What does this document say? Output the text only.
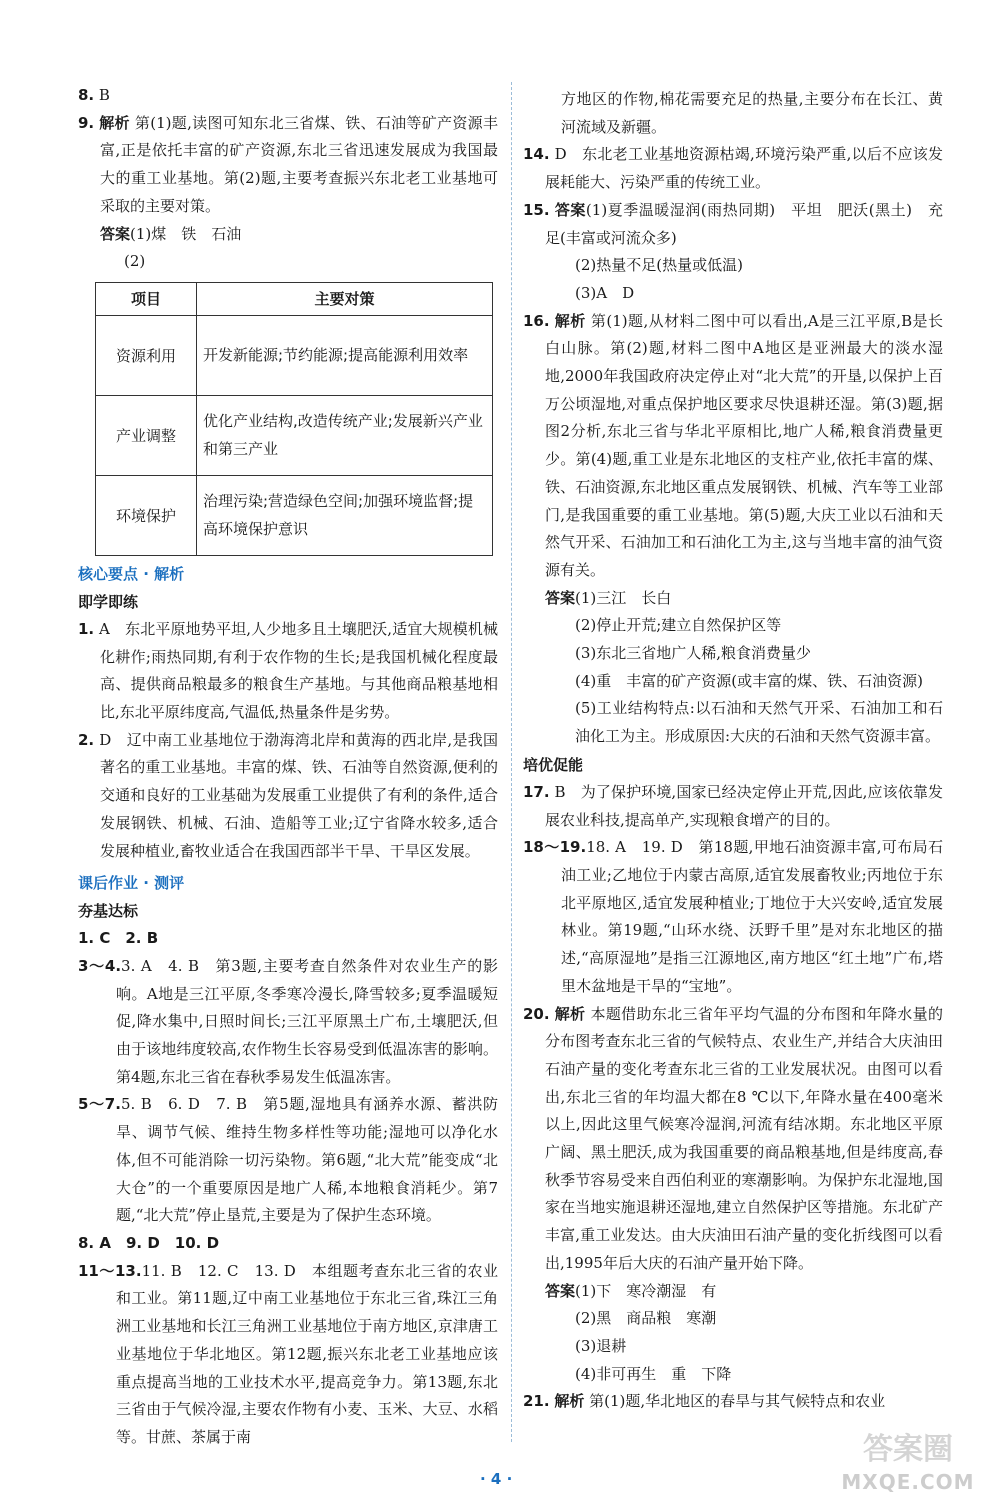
8. B

9. 解析 第(1)题,读图可知东北三省煤、铁、石油等矿产资源丰富,正是依托丰富的矿产资源,东北三省迅速发展成为我国最大的重工业基地。第(2)题,主要考查振兴东北老工业基地可采取的主要对策。

答案(1)煤　铁　石油

(2)

项目	主要对策
资源利用	开发新能源;节约能源;提高能源利用效率
产业调整	优化产业结构,改造传统产业;发展新兴产业和第三产业
环境保护	治理污染;营造绿色空间;加强环境监督;提高环境保护意识
核心要点 · 解析
即学即练

1. A　东北平原地势平坦,人少地多且土壤肥沃,适宜大规模机械化耕作;雨热同期,有利于农作物的生长;是我国机械化程度最高、提供商品粮最多的粮食生产基地。与其他商品粮基地相比,东北平原纬度高,气温低,热量条件是劣势。

2. D　辽中南工业基地位于渤海湾北岸和黄海的西北岸,是我国著名的重工业基地。丰富的煤、铁、石油等自然资源,便利的交通和良好的工业基础为发展重工业提供了有利的条件,适合发展钢铁、机械、石油、造船等工业;辽宁省降水较多,适合发展种植业,畜牧业适合在我国西部半干旱、干旱区发展。

课后作业 · 测评
夯基达标

1. C　2. B

3～4.3. A　4. B　第3题,主要考查自然条件对农业生产的影响。A地是三江平原,冬季寒冷漫长,降雪较多;夏季温暖短促,降水集中,日照时间长;三江平原黑土广布,土壤肥沃,但由于该地纬度较高,农作物生长容易受到低温冻害的影响。第4题,东北三省在春秋季易发生低温冻害。

5～7.5. B　6. D　7. B　第5题,湿地具有涵养水源、蓄洪防旱、调节气候、维持生物多样性等功能;湿地可以净化水体,但不可能消除一切污染物。第6题,“北大荒”能变成“北大仓”的一个重要原因是地广人稀,本地粮食消耗少。第7题,“北大荒”停止垦荒,主要是为了保护生态环境。

8. A　9. D　10. D

11～13.11. B　12. C　13. D　本组题考查东北三省的农业和工业。第11题,辽中南工业基地位于东北三省,珠江三角洲工业基地和长江三角洲工业基地位于南方地区,京津唐工业基地位于华北地区。第12题,振兴东北老工业基地应该重点提高当地的工业技术水平,提高竞争力。第13题,东北三省由于气候冷湿,主要农作物有小麦、玉米、大豆、水稻等。甘蔗、茶属于南

方地区的作物,棉花需要充足的热量,主要分布在长江、黄河流域及新疆。

14. D　东北老工业基地资源枯竭,环境污染严重,以后不应该发展耗能大、污染严重的传统工业。

15. 答案(1)夏季温暖湿润(雨热同期)　平坦　肥沃(黑土)　充足(丰富或河流众多)

(2)热量不足(热量或低温)

(3)A　D

16. 解析 第(1)题,从材料二图中可以看出,A是三江平原,B是长白山脉。第(2)题,材料二图中A地区是亚洲最大的淡水湿地,2000年我国政府决定停止对“北大荒”的开垦,以保护上百万公顷湿地,对重点保护地区要求尽快退耕还湿。第(3)题,据图2分析,东北三省与华北平原相比,地广人稀,粮食消费量更少。第(4)题,重工业是东北地区的支柱产业,依托丰富的煤、铁、石油资源,东北地区重点发展钢铁、机械、汽车等工业部门,是我国重要的重工业基地。第(5)题,大庆工业以石油和天然气开采、石油加工和石油化工为主,这与当地丰富的油气资源有关。

答案(1)三江　长白

(2)停止开荒;建立自然保护区等

(3)东北三省地广人稀,粮食消费量少

(4)重　丰富的矿产资源(或丰富的煤、铁、石油资源)

(5)工业结构特点:以石油和天然气开采、石油加工和石油化工为主。形成原因:大庆的石油和天然气资源丰富。

培优促能

17. B　为了保护环境,国家已经决定停止开荒,因此,应该依靠发展农业科技,提高单产,实现粮食增产的目的。

18～19.18. A　19. D　第18题,甲地石油资源丰富,可布局石油工业;乙地位于内蒙古高原,适宜发展畜牧业;丙地位于东北平原地区,适宜发展种植业;丁地位于大兴安岭,适宜发展林业。第19题,“山环水绕、沃野千里”是对东北地区的描述,“高原湿地”是指三江源地区,南方地区“红土地”广布,塔里木盆地是干旱的“宝地”。

20. 解析 本题借助东北三省年平均气温的分布图和年降水量的分布图考查东北三省的气候特点、农业生产,并结合大庆油田石油产量的变化考查东北三省的工业发展状况。由图可以看出,东北三省的年均温大都在8 ℃以下,年降水量在400毫米以上,因此这里气候寒冷湿润,河流有结冰期。东北地区平原广阔、黑土肥沃,成为我国重要的商品粮基地,但是纬度高,春秋季节容易受来自西伯利亚的寒潮影响。为保护东北湿地,国家在当地实施退耕还湿地,建立自然保护区等措施。东北矿产丰富,重工业发达。由大庆油田石油产量的变化折线图可以看出,1995年后大庆的石油产量开始下降。

答案(1)下　寒冷潮湿　有

(2)黑　商品粮　寒潮

(3)退耕

(4)非可再生　重　下降

21. 解析 第(1)题,华北地区的春旱与其气候特点和农业

· 4 ·
答案圈
MXQE.COM
